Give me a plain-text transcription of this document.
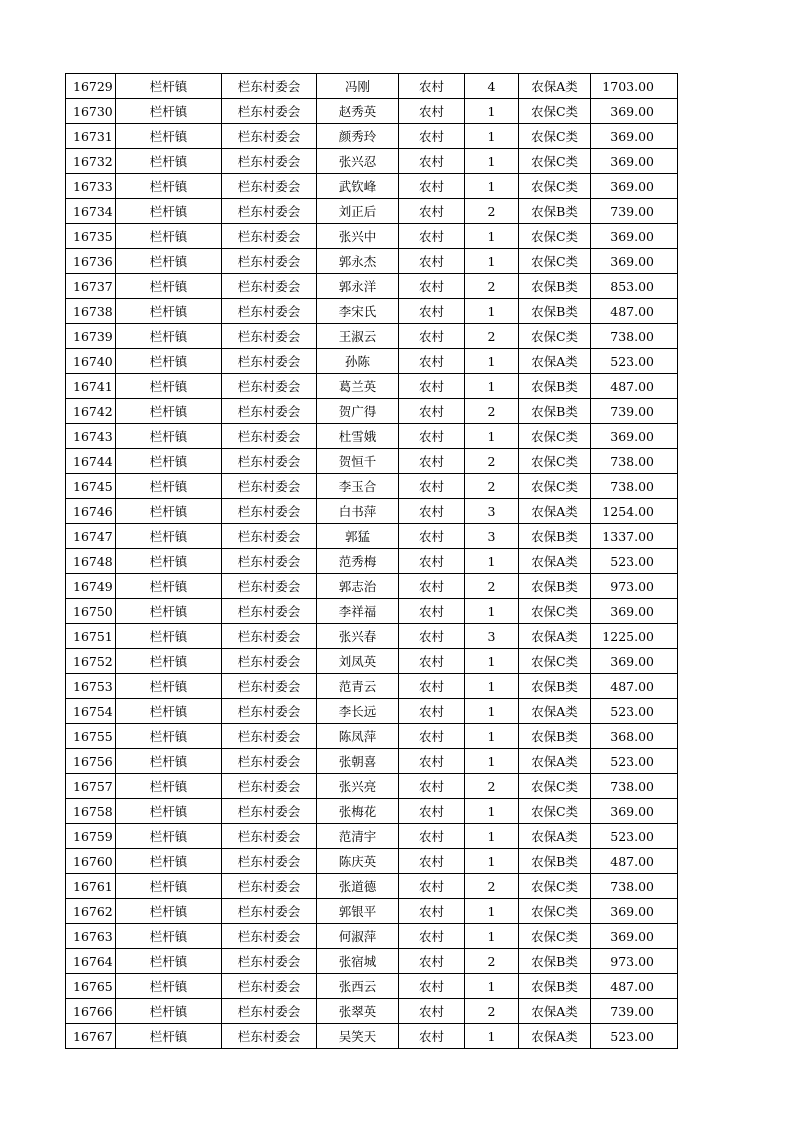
16729	栏杆镇	栏东村委会	冯刚	农村	4	农保A类	1703.00
16730	栏杆镇	栏东村委会	赵秀英	农村	1	农保C类	369.00
16731	栏杆镇	栏东村委会	颜秀玲	农村	1	农保C类	369.00
16732	栏杆镇	栏东村委会	张兴忍	农村	1	农保C类	369.00
16733	栏杆镇	栏东村委会	武钦峰	农村	1	农保C类	369.00
16734	栏杆镇	栏东村委会	刘正后	农村	2	农保B类	739.00
16735	栏杆镇	栏东村委会	张兴中	农村	1	农保C类	369.00
16736	栏杆镇	栏东村委会	郭永杰	农村	1	农保C类	369.00
16737	栏杆镇	栏东村委会	郭永洋	农村	2	农保B类	853.00
16738	栏杆镇	栏东村委会	李宋氏	农村	1	农保B类	487.00
16739	栏杆镇	栏东村委会	王淑云	农村	2	农保C类	738.00
16740	栏杆镇	栏东村委会	孙陈	农村	1	农保A类	523.00
16741	栏杆镇	栏东村委会	葛兰英	农村	1	农保B类	487.00
16742	栏杆镇	栏东村委会	贺广得	农村	2	农保B类	739.00
16743	栏杆镇	栏东村委会	杜雪娥	农村	1	农保C类	369.00
16744	栏杆镇	栏东村委会	贺恒千	农村	2	农保C类	738.00
16745	栏杆镇	栏东村委会	李玉合	农村	2	农保C类	738.00
16746	栏杆镇	栏东村委会	白书萍	农村	3	农保A类	1254.00
16747	栏杆镇	栏东村委会	郭猛	农村	3	农保B类	1337.00
16748	栏杆镇	栏东村委会	范秀梅	农村	1	农保A类	523.00
16749	栏杆镇	栏东村委会	郭志治	农村	2	农保B类	973.00
16750	栏杆镇	栏东村委会	李祥福	农村	1	农保C类	369.00
16751	栏杆镇	栏东村委会	张兴春	农村	3	农保A类	1225.00
16752	栏杆镇	栏东村委会	刘凤英	农村	1	农保C类	369.00
16753	栏杆镇	栏东村委会	范青云	农村	1	农保B类	487.00
16754	栏杆镇	栏东村委会	李长远	农村	1	农保A类	523.00
16755	栏杆镇	栏东村委会	陈凤萍	农村	1	农保B类	368.00
16756	栏杆镇	栏东村委会	张朝喜	农村	1	农保A类	523.00
16757	栏杆镇	栏东村委会	张兴亮	农村	2	农保C类	738.00
16758	栏杆镇	栏东村委会	张梅花	农村	1	农保C类	369.00
16759	栏杆镇	栏东村委会	范清宇	农村	1	农保A类	523.00
16760	栏杆镇	栏东村委会	陈庆英	农村	1	农保B类	487.00
16761	栏杆镇	栏东村委会	张道德	农村	2	农保C类	738.00
16762	栏杆镇	栏东村委会	郭银平	农村	1	农保C类	369.00
16763	栏杆镇	栏东村委会	何淑萍	农村	1	农保C类	369.00
16764	栏杆镇	栏东村委会	张宿城	农村	2	农保B类	973.00
16765	栏杆镇	栏东村委会	张西云	农村	1	农保B类	487.00
16766	栏杆镇	栏东村委会	张翠英	农村	2	农保A类	739.00
16767	栏杆镇	栏东村委会	吴笑天	农村	1	农保A类	523.00
